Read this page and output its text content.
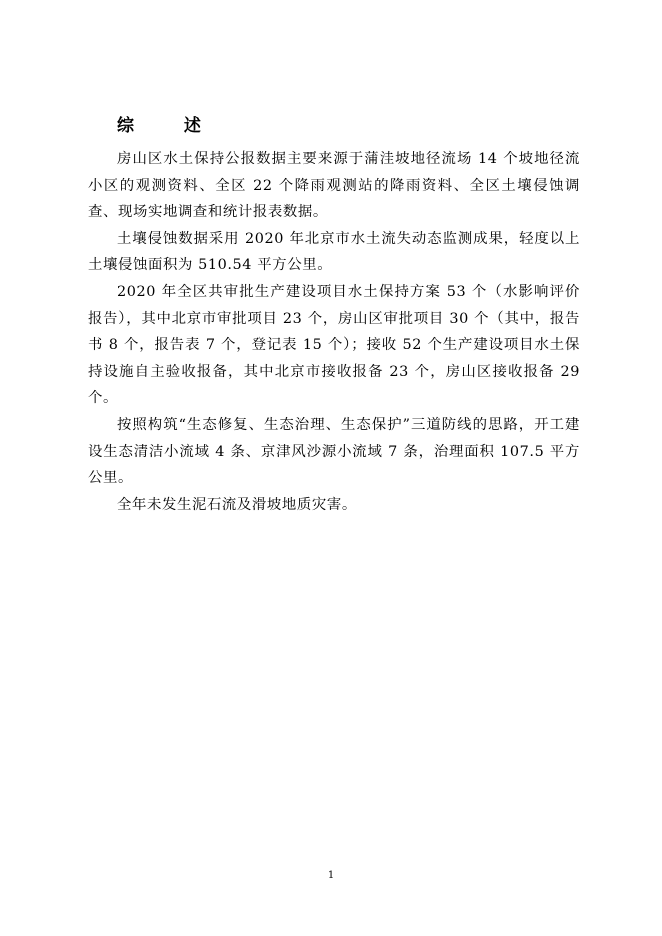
综 述

房山区水土保持公报数据主要来源于蒲洼坡地径流场 14 个坡地径流小区的观测资料、全区 22 个降雨观测站的降雨资料、全区土壤侵蚀调查、现场实地调查和统计报表数据。

土壤侵蚀数据采用 2020 年北京市水土流失动态监测成果，轻度以上土壤侵蚀面积为 510.54 平方公里。

2020 年全区共审批生产建设项目水土保持方案 53 个（水影响评价报告），其中北京市审批项目 23 个，房山区审批项目 30 个（其中，报告书 8 个，报告表 7 个，登记表 15 个）；接收 52 个生产建设项目水土保持设施自主验收报备，其中北京市接收报备 23 个，房山区接收报备 29 个。

按照构筑“生态修复、生态治理、生态保护”三道防线的思路，开工建设生态清洁小流域 4 条、京津风沙源小流域 7 条，治理面积 107.5 平方公里。

全年未发生泥石流及滑坡地质灾害。

1
